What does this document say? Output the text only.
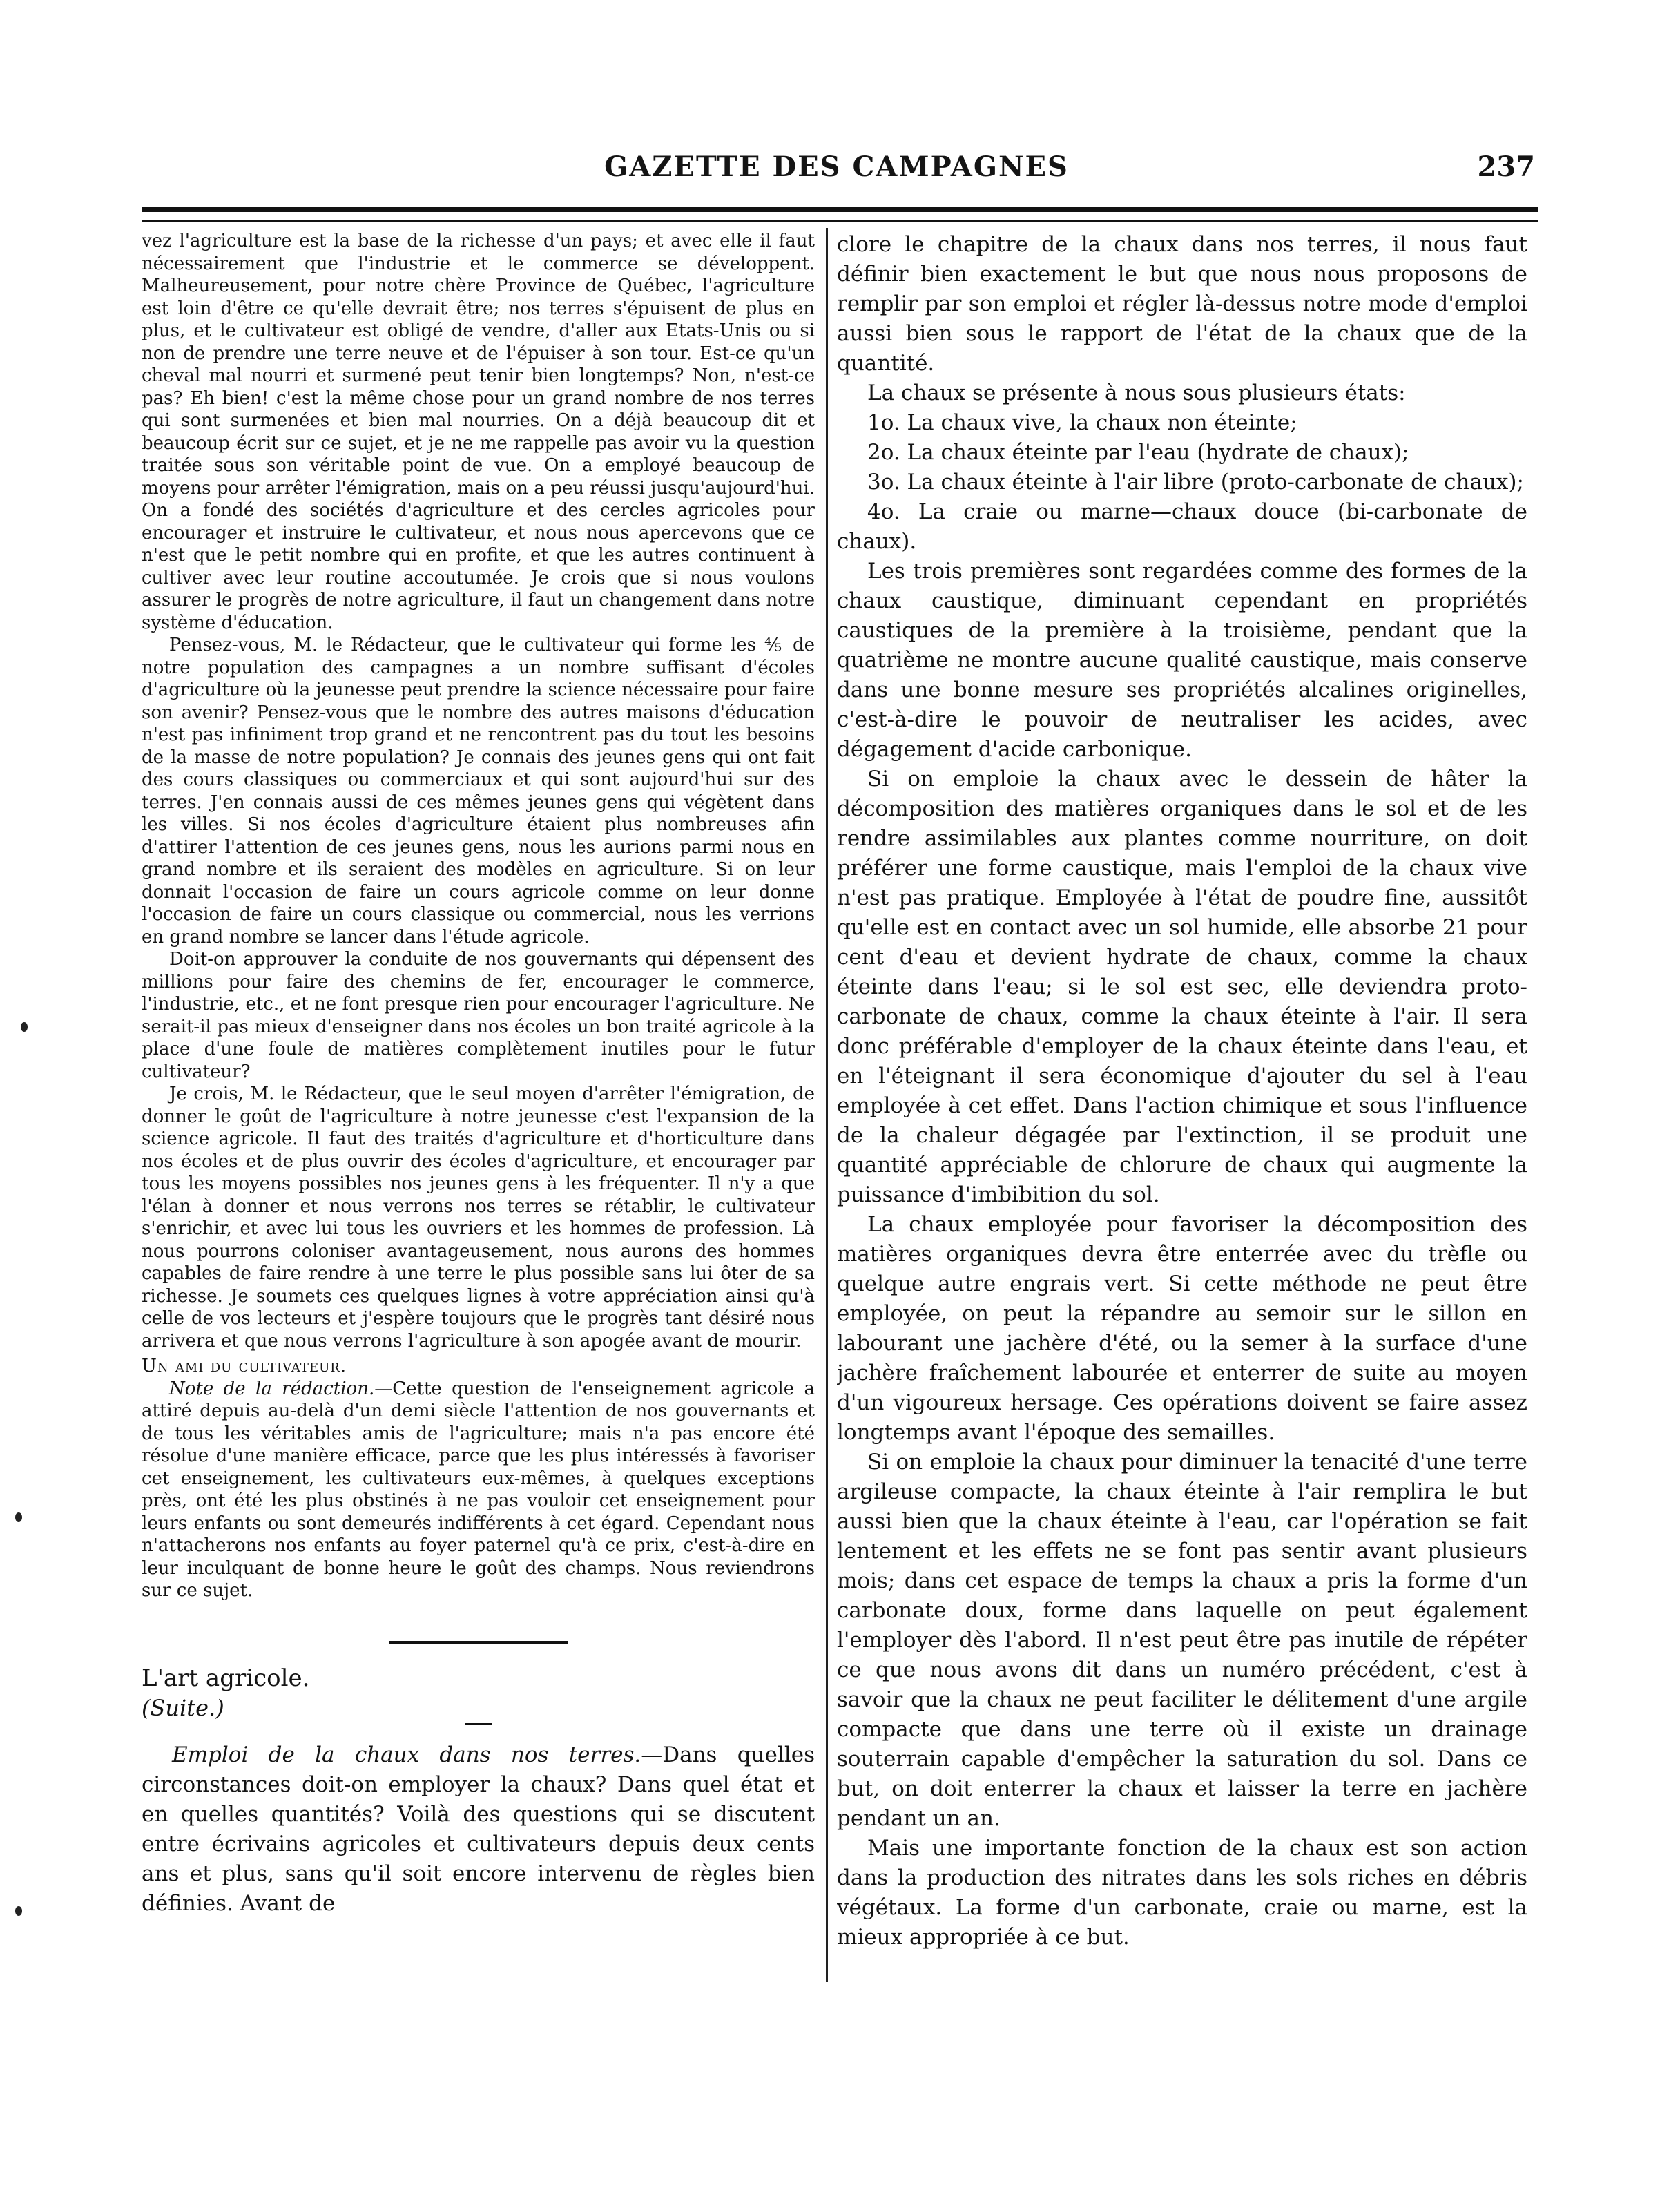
GAZETTE DES CAMPAGNES	237

vez l'agriculture est la base de la richesse d'un pays; et avec elle il faut nécessairement que l'industrie et le commerce se développent. Malheureusement, pour notre chère Province de Québec, l'agriculture est loin d'être ce qu'elle devrait être; nos terres s'épuisent de plus en plus, et le cultivateur est obligé de vendre, d'aller aux Etats-Unis ou si non de prendre une terre neuve et de l'épuiser à son tour. Est-ce qu'un cheval mal nourri et surmené peut tenir bien longtemps? Non, n'est-ce pas? Eh bien! c'est la même chose pour un grand nombre de nos terres qui sont surmenées et bien mal nourries. On a déjà beaucoup dit et beaucoup écrit sur ce sujet, et je ne me rappelle pas avoir vu la question traitée sous son véritable point de vue. On a employé beaucoup de moyens pour arrêter l'émigration, mais on a peu réussi jusqu'aujourd'hui. On a fondé des sociétés d'agriculture et des cercles agricoles pour encourager et instruire le cultivateur, et nous nous apercevons que ce n'est que le petit nombre qui en profite, et que les autres continuent à cultiver avec leur routine accoutumée. Je crois que si nous voulons assurer le progrès de notre agriculture, il faut un changement dans notre système d'éducation.

Pensez-vous, M. le Rédacteur, que le cultivateur qui forme les ⅘ de notre population des campagnes a un nombre suffisant d'écoles d'agriculture où la jeunesse peut prendre la science nécessaire pour faire son avenir? Pensez-vous que le nombre des autres maisons d'éducation n'est pas infiniment trop grand et ne rencontrent pas du tout les besoins de la masse de notre population? Je connais des jeunes gens qui ont fait des cours classiques ou commerciaux et qui sont aujourd'hui sur des terres. J'en connais aussi de ces mêmes jeunes gens qui végètent dans les villes. Si nos écoles d'agriculture étaient plus nombreuses afin d'attirer l'attention de ces jeunes gens, nous les aurions parmi nous en grand nombre et ils seraient des modèles en agriculture. Si on leur donnait l'occasion de faire un cours agricole comme on leur donne l'occasion de faire un cours classique ou commercial, nous les verrions en grand nombre se lancer dans l'étude agricole.

Doit-on approuver la conduite de nos gouvernants qui dépensent des millions pour faire des chemins de fer, encourager le commerce, l'industrie, etc., et ne font presque rien pour encourager l'agriculture. Ne serait-il pas mieux d'enseigner dans nos écoles un bon traité agricole à la place d'une foule de matières complètement inutiles pour le futur cultivateur?

Je crois, M. le Rédacteur, que le seul moyen d'arrêter l'émigration, de donner le goût de l'agriculture à notre jeunesse c'est l'expansion de la science agricole. Il faut des traités d'agriculture et d'horticulture dans nos écoles et de plus ouvrir des écoles d'agriculture, et encourager par tous les moyens possibles nos jeunes gens à les fréquenter. Il n'y a que l'élan à donner et nous verrons nos terres se rétablir, le cultivateur s'enrichir, et avec lui tous les ouvriers et les hommes de profession. Là nous pourrons coloniser avantageusement, nous aurons des hommes capables de faire rendre à une terre le plus possible sans lui ôter de sa richesse. Je soumets ces quelques lignes à votre appréciation ainsi qu'à celle de vos lecteurs et j'espère toujours que le progrès tant désiré nous arrivera et que nous verrons l'agriculture à son apogée avant de mourir.

Un ami du cultivateur.

Note de la rédaction.—Cette question de l'enseignement agricole a attiré depuis au-delà d'un demi siècle l'attention de nos gouvernants et de tous les véritables amis de l'agriculture; mais n'a pas encore été résolue d'une manière efficace, parce que les plus intéressés à favoriser cet enseignement, les cultivateurs eux-mêmes, à quelques exceptions près, ont été les plus obstinés à ne pas vouloir cet enseignement pour leurs enfants ou sont demeurés indifférents à cet égard. Cependant nous n'attacherons nos enfants au foyer paternel qu'à ce prix, c'est-à-dire en leur inculquant de bonne heure le goût des champs. Nous reviendrons sur ce sujet.

L'art agricole.

(Suite.)

Emploi de la chaux dans nos terres.—Dans quelles circonstances doit-on employer la chaux? Dans quel état et en quelles quantités? Voilà des questions qui se discutent entre écrivains agricoles et cultivateurs depuis deux cents ans et plus, sans qu'il soit encore intervenu de règles bien définies. Avant de

clore le chapitre de la chaux dans nos terres, il nous faut définir bien exactement le but que nous nous proposons de remplir par son emploi et régler là-dessus notre mode d'emploi aussi bien sous le rapport de l'état de la chaux que de la quantité.

La chaux se présente à nous sous plusieurs états:

1o. La chaux vive, la chaux non éteinte;

2o. La chaux éteinte par l'eau (hydrate de chaux);

3o. La chaux éteinte à l'air libre (proto-carbonate de chaux);

4o. La craie ou marne—chaux douce (bi-carbonate de chaux).

Les trois premières sont regardées comme des formes de la chaux caustique, diminuant cependant en propriétés caustiques de la première à la troisième, pendant que la quatrième ne montre aucune qualité caustique, mais conserve dans une bonne mesure ses propriétés alcalines originelles, c'est-à-dire le pouvoir de neutraliser les acides, avec dégagement d'acide carbonique.

Si on emploie la chaux avec le dessein de hâter la décomposition des matières organiques dans le sol et de les rendre assimilables aux plantes comme nourriture, on doit préférer une forme caustique, mais l'emploi de la chaux vive n'est pas pratique. Employée à l'état de poudre fine, aussitôt qu'elle est en contact avec un sol humide, elle absorbe 21 pour cent d'eau et devient hydrate de chaux, comme la chaux éteinte dans l'eau; si le sol est sec, elle deviendra proto-carbonate de chaux, comme la chaux éteinte à l'air. Il sera donc préférable d'employer de la chaux éteinte dans l'eau, et en l'éteignant il sera économique d'ajouter du sel à l'eau employée à cet effet. Dans l'action chimique et sous l'influence de la chaleur dégagée par l'extinction, il se produit une quantité appréciable de chlorure de chaux qui augmente la puissance d'imbibition du sol.

La chaux employée pour favoriser la décomposition des matières organiques devra être enterrée avec du trèfle ou quelque autre engrais vert. Si cette méthode ne peut être employée, on peut la répandre au semoir sur le sillon en labourant une jachère d'été, ou la semer à la surface d'une jachère fraîchement labourée et enterrer de suite au moyen d'un vigoureux hersage. Ces opérations doivent se faire assez longtemps avant l'époque des semailles.

Si on emploie la chaux pour diminuer la tenacité d'une terre argileuse compacte, la chaux éteinte à l'air remplira le but aussi bien que la chaux éteinte à l'eau, car l'opération se fait lentement et les effets ne se font pas sentir avant plusieurs mois; dans cet espace de temps la chaux a pris la forme d'un carbonate doux, forme dans laquelle on peut également l'employer dès l'abord. Il n'est peut être pas inutile de répéter ce que nous avons dit dans un numéro précédent, c'est à savoir que la chaux ne peut faciliter le délitement d'une argile compacte que dans une terre où il existe un drainage souterrain capable d'empêcher la saturation du sol. Dans ce but, on doit enterrer la chaux et laisser la terre en jachère pendant un an.

Mais une importante fonction de la chaux est son action dans la production des nitrates dans les sols riches en débris végétaux. La forme d'un carbonate, craie ou marne, est la mieux appropriée à ce but.
